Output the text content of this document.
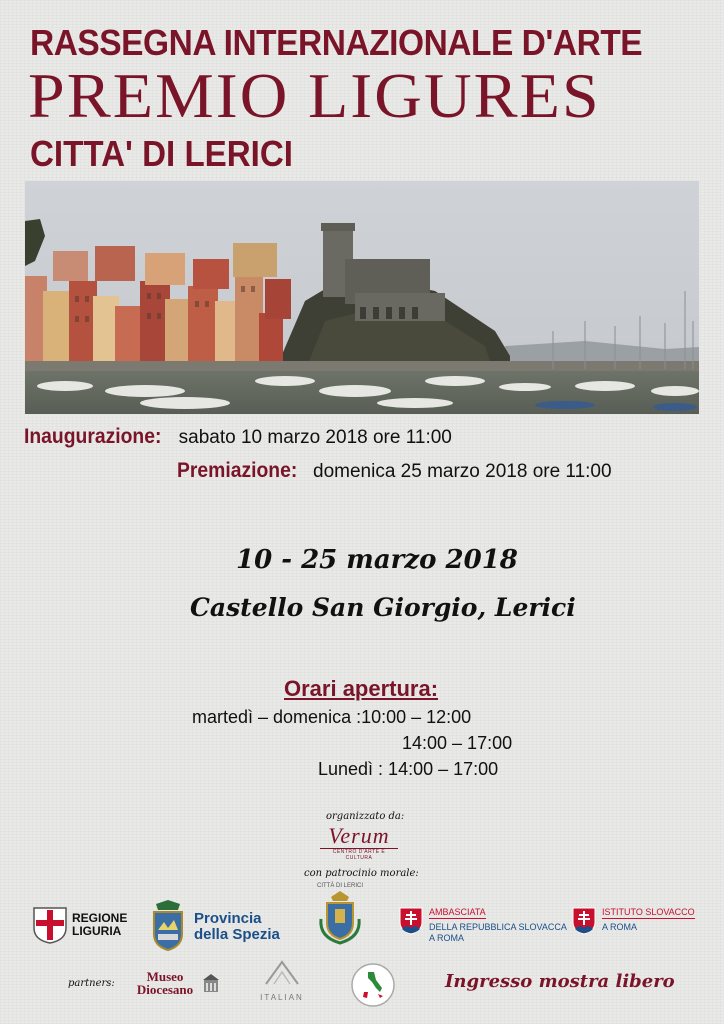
RASSEGNA INTERNAZIONALE D'ARTE
PREMIO LIGURES
CITTA' DI LERICI
Inaugurazione: sabato 10 marzo 2018 ore 11:00
Premiazione: domenica 25 marzo 2018 ore 11:00
10 - 25 marzo 2018
Castello San Giorgio, Lerici
Orari apertura:
martedì – domenica :10:00 – 12:00
14:00 – 17:00
Lunedì : 14:00 – 17:00
organizzato da:
Verum
CENTRO D'ARTE E CULTURA
con patrocinio morale:
REGIONE
LIGURIA
Provincia
della Spezia
CITTÀ DI LERICI
AMBASCIATA
DELLA REPUBBLICA SLOVACCA
A ROMA
ISTITUTO SLOVACCO
A ROMA
partners:	Museo Diocesano
ITALIAN
Ingresso mostra libero
